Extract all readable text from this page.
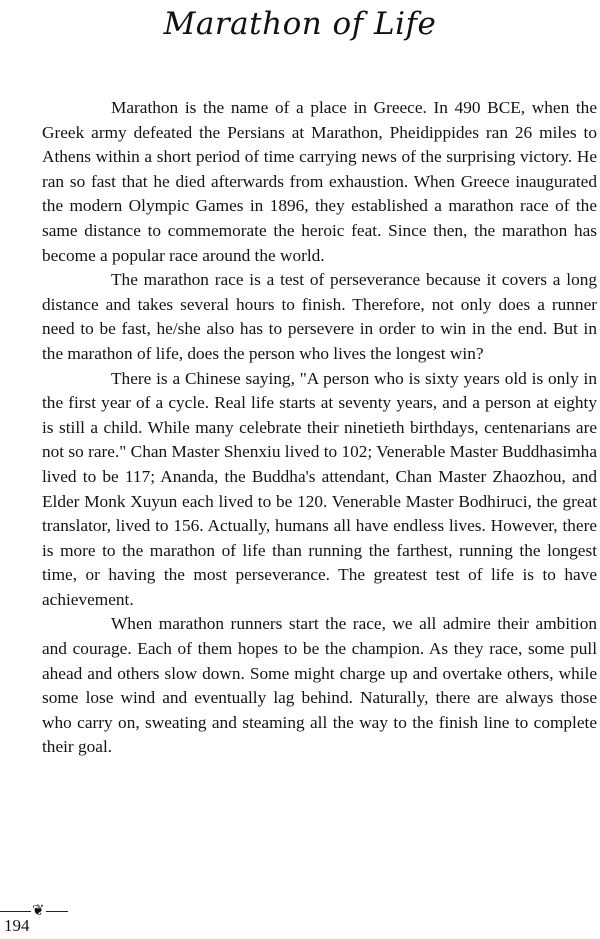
Marathon of Life

Marathon is the name of a place in Greece. In 490 BCE, when the Greek army defeated the Persians at Marathon, Pheidippides ran 26 miles to Athens within a short period of time carrying news of the surprising victory. He ran so fast that he died afterwards from exhaustion. When Greece inaugurated the modern Olympic Games in 1896, they established a marathon race of the same distance to commemorate the heroic feat. Since then, the marathon has become a popular race around the world.

The marathon race is a test of perseverance because it covers a long distance and takes several hours to finish. Therefore, not only does a runner need to be fast, he/she also has to persevere in order to win in the end. But in the marathon of life, does the person who lives the longest win?

There is a Chinese saying, "A person who is sixty years old is only in the first year of a cycle. Real life starts at seventy years, and a person at eighty is still a child. While many celebrate their ninetieth birthdays, centenarians are not so rare." Chan Master Shenxiu lived to 102; Venerable Master Buddhasimha lived to be 117; Ananda, the Buddha's attendant, Chan Master Zhaozhou, and Elder Monk Xuyun each lived to be 120. Venerable Master Bodhiruci, the great translator, lived to 156. Actually, humans all have endless lives. However, there is more to the marathon of life than running the farthest, running the longest time, or having the most perseverance. The greatest test of life is to have achievement.

When marathon runners start the race, we all admire their ambition and courage. Each of them hopes to be the champion. As they race, some pull ahead and others slow down. Some might charge up and overtake others, while some lose wind and eventually lag behind. Naturally, there are always those who carry on, sweating and steaming all the way to the finish line to complete their goal.

❦
194
